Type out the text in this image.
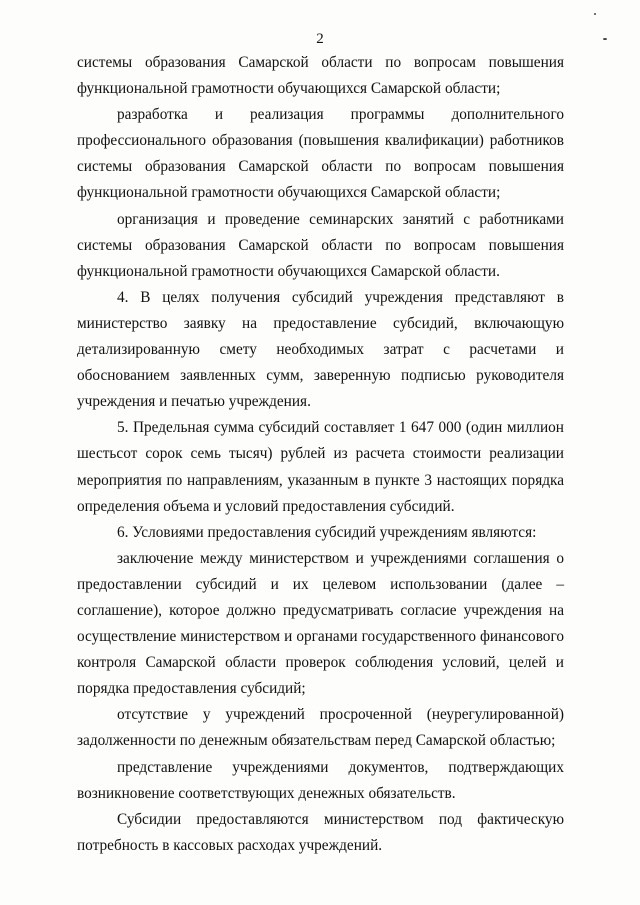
2

системы образования Самарской области по вопросам повышения функциональной грамотности обучающихся Самарской области;

разработка и реализация программы дополнительного профессионального образования (повышения квалификации) работников системы образования Самарской области по вопросам повышения функциональной грамотности обучающихся Самарской области;

организация и проведение семинарских занятий с работниками системы образования Самарской области по вопросам повышения функциональной грамотности обучающихся Самарской области.

4. В целях получения субсидий учреждения представляют в министерство заявку на предоставление субсидий, включающую детализированную смету необходимых затрат с расчетами и обоснованием заявленных сумм, заверенную подписью руководителя учреждения и печатью учреждения.

5. Предельная сумма субсидий составляет 1 647 000 (один миллион шестьсот сорок семь тысяч) рублей из расчета стоимости реализации мероприятия по направлениям, указанным в пункте 3 настоящих порядка определения объема и условий предоставления субсидий.

6. Условиями предоставления субсидий учреждениям являются:

заключение между министерством и учреждениями соглашения о предоставлении субсидий и их целевом использовании (далее – соглашение), которое должно предусматривать согласие учреждения на осуществление министерством и органами государственного финансового контроля Самарской области проверок соблюдения условий, целей и порядка предоставления субсидий;

отсутствие у учреждений просроченной (неурегулированной) задолженности по денежным обязательствам перед Самарской областью;

представление учреждениями документов, подтверждающих возникновение соответствующих денежных обязательств.

Субсидии предоставляются министерством под фактическую потребность в кассовых расходах учреждений.
